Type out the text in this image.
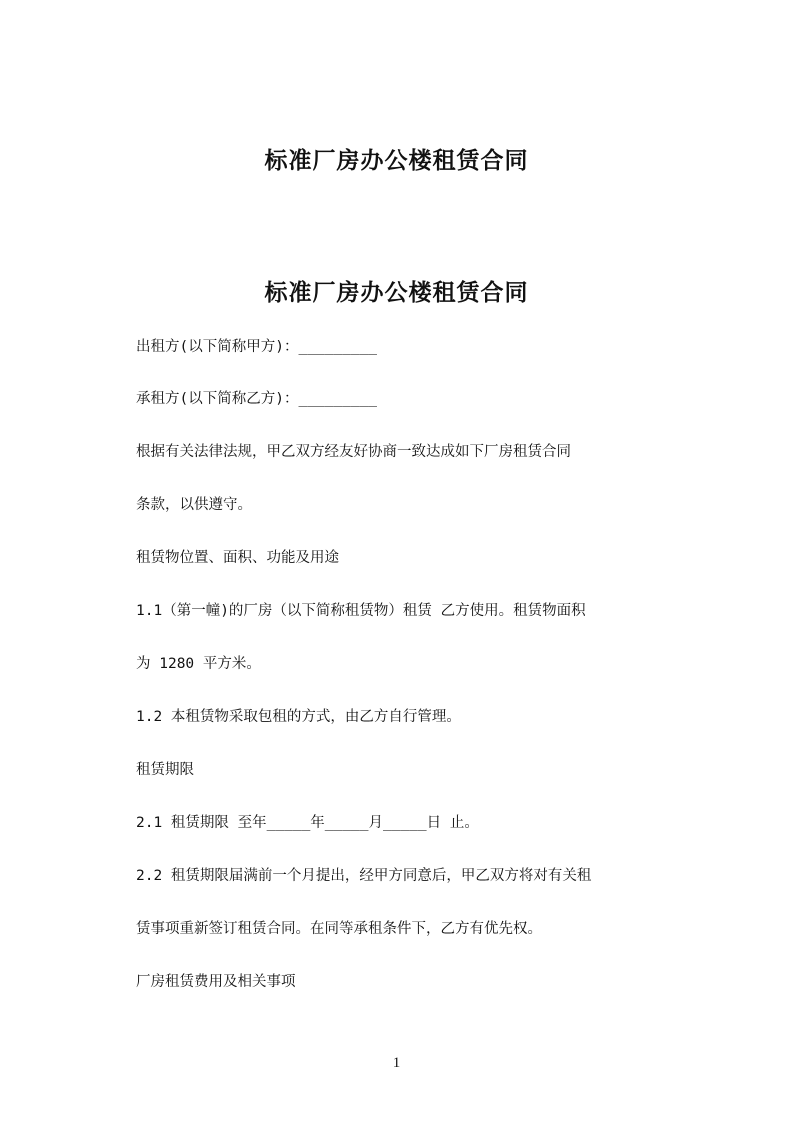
标准厂房办公楼租赁合同
标准厂房办公楼租赁合同
出租方(以下简称甲方)：_________
承租方(以下简称乙方)：_________
根据有关法律法规，甲乙双方经友好协商一致达成如下厂房租赁合同
条款，以供遵守。
租赁物位置、面积、功能及用途
1.1（第一幢)的厂房（以下简称租赁物）租赁 乙方使用。租赁物面积
为 1280 平方米。
1.2 本租赁物采取包租的方式，由乙方自行管理。
租赁期限
2.1 租赁期限 至年_____年_____月_____日 止。
2.2 租赁期限届满前一个月提出，经甲方同意后，甲乙双方将对有关租
赁事项重新签订租赁合同。在同等承租条件下，乙方有优先权。
厂房租赁费用及相关事项
1
